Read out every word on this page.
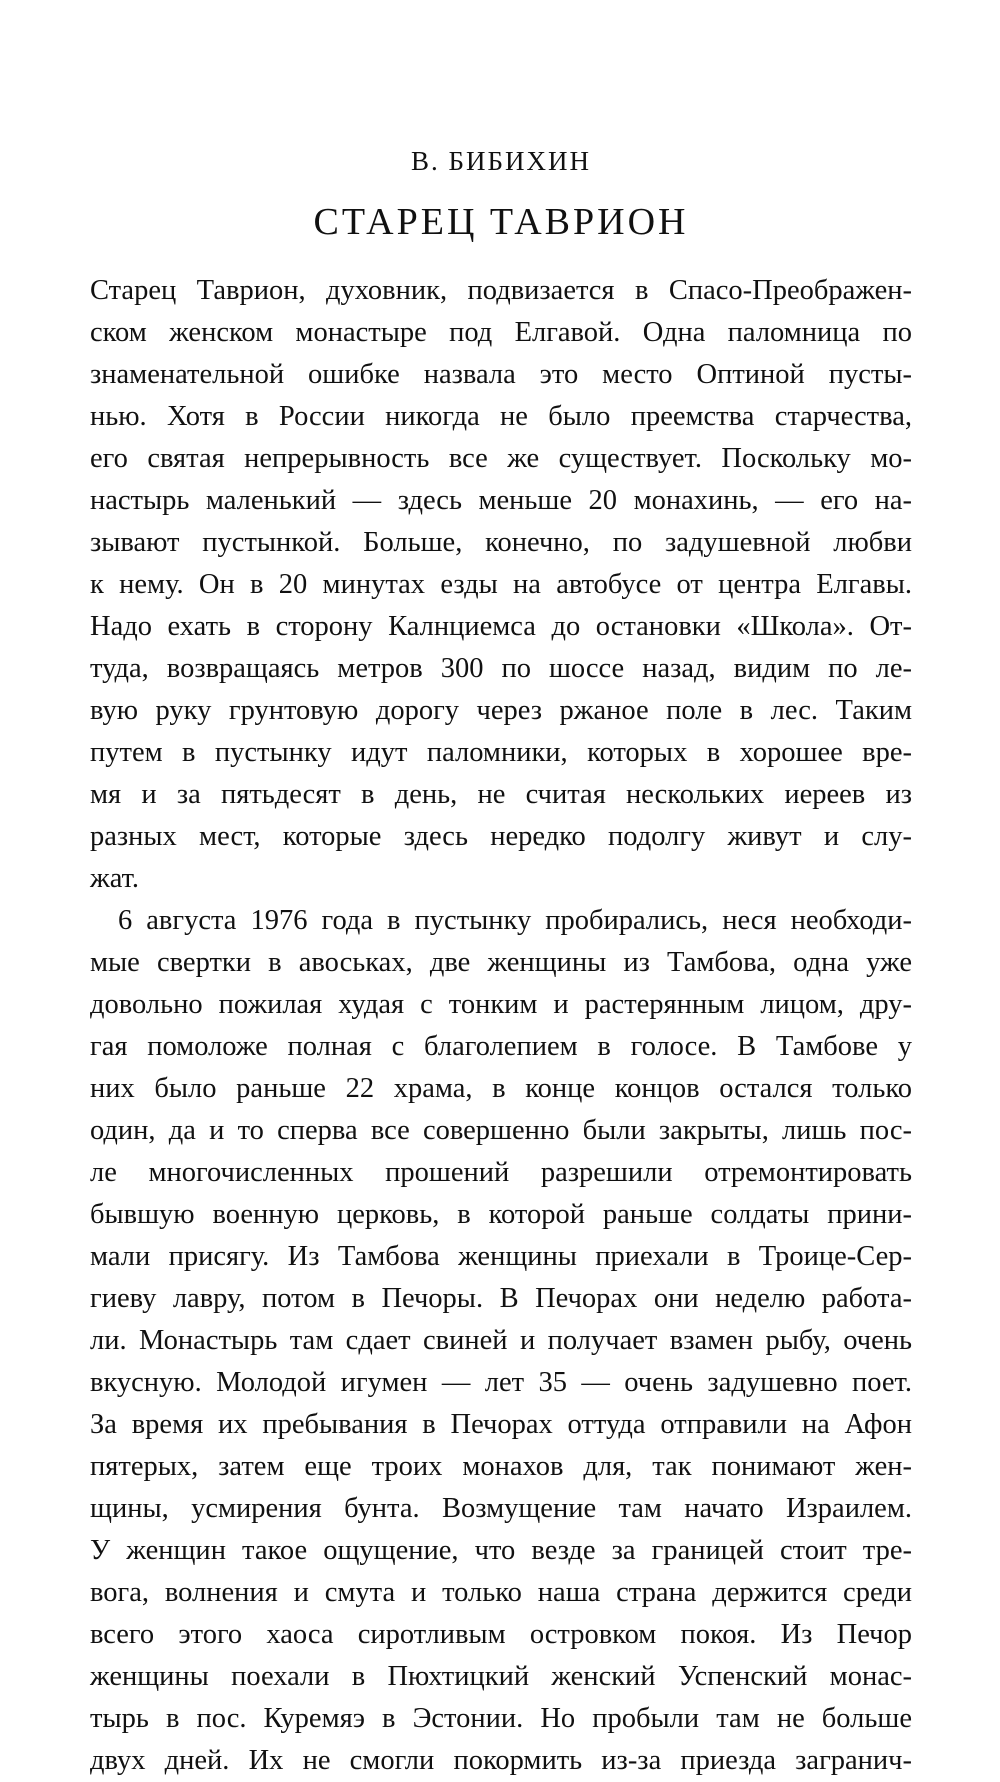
В. БИБИХИН
СТАРЕЦ ТАВРИОН
Старец Таврион, духовник, подвизается в Спасо-Преображен-
ском женском монастыре под Елгавой. Одна паломница по
знаменательной ошибке назвала это место Оптиной пусты-
нью. Хотя в России никогда не было преемства старчества,
его святая непрерывность все же существует. Поскольку мо-
настырь маленький — здесь меньше 20 монахинь, — его на-
зывают пустынкой. Больше, конечно, по задушевной любви
к нему. Он в 20 минутах езды на автобусе от центра Елгавы.
Надо ехать в сторону Калнциемса до остановки «Школа». От-
туда, возвращаясь метров 300 по шоссе назад, видим по ле-
вую руку грунтовую дорогу через ржаное поле в лес. Таким
путем в пустынку идут паломники, которых в хорошее вре-
мя и за пятьдесят в день, не считая нескольких иереев из
разных мест, которые здесь нередко подолгу живут и слу-
жат.
6 августа 1976 года в пустынку пробирались, неся необходи-
мые свертки в авоськах, две женщины из Тамбова, одна уже
довольно пожилая худая с тонким и растерянным лицом, дру-
гая помоложе полная с благолепием в голосе. В Тамбове у
них было раньше 22 храма, в конце концов остался только
один, да и то сперва все совершенно были закрыты, лишь пос-
ле многочисленных прошений разрешили отремонтировать
бывшую военную церковь, в которой раньше солдаты прини-
мали присягу. Из Тамбова женщины приехали в Троице-Сер-
гиеву лавру, потом в Печоры. В Печорах они неделю работа-
ли. Монастырь там сдает свиней и получает взамен рыбу, очень
вкусную. Молодой игумен — лет 35 — очень задушевно поет.
За время их пребывания в Печорах оттуда отправили на Афон
пятерых, затем еще троих монахов для, так понимают жен-
щины, усмирения бунта. Возмущение там начато Израилем.
У женщин такое ощущение, что везде за границей стоит тре-
вога, волнения и смута и только наша страна держится среди
всего этого хаоса сиротливым островком покоя. Из Печор
женщины поехали в Пюхтицкий женский Успенский монас-
тырь в пос. Куремяэ в Эстонии. Но пробыли там не больше
двух дней. Их не смогли покормить из-за приезда загранич-
